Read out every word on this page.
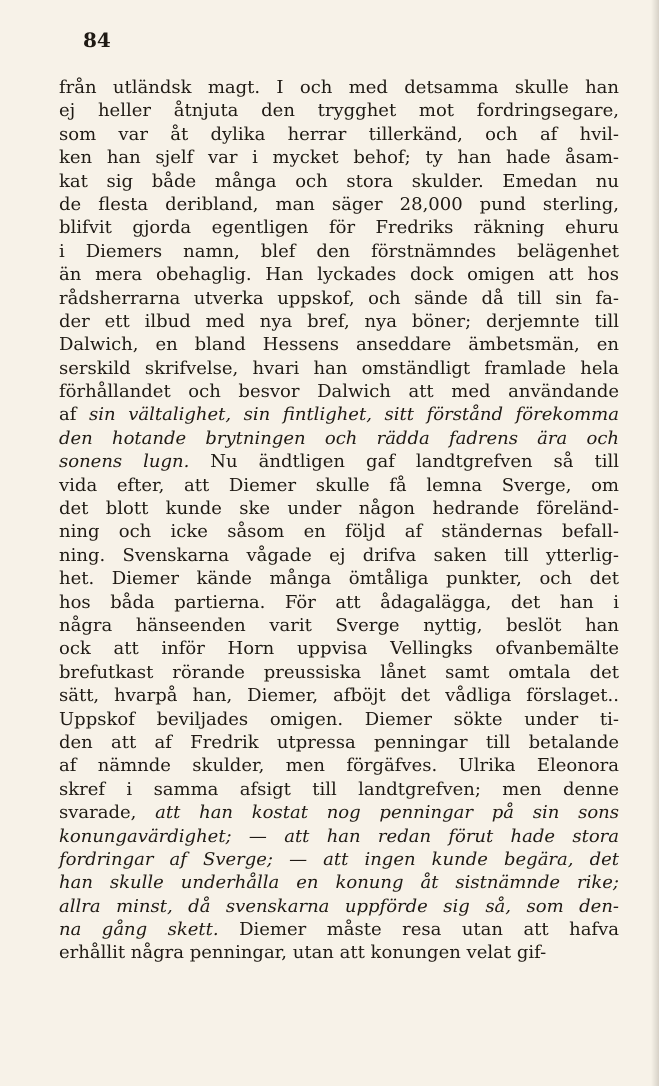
84
från utländsk magt. I och med detsamma skulle han
ej heller åtnjuta den trygghet mot fordringsegare,
som var åt dylika herrar tillerkänd, och af hvil-
ken han sjelf var i mycket behof; ty han hade åsam-
kat sig både många och stora skulder. Emedan nu
de flesta deribland, man säger 28,000 pund sterling,
blifvit gjorda egentligen för Fredriks räkning ehuru
i Diemers namn, blef den förstnämndes belägenhet
än mera obehaglig. Han lyckades dock omigen att hos
rådsherrarna utverka uppskof, och sände då till sin fa-
der ett ilbud med nya bref, nya böner; derjemnte till
Dalwich, en bland Hessens anseddare ämbetsmän, en
serskild skrifvelse, hvari han omständligt framlade hela
förhållandet och besvor Dalwich att med användande
af sin vältalighet, sin fintlighet, sitt förstånd förekomma
den hotande brytningen och rädda fadrens ära och
sonens lugn. Nu ändtligen gaf landtgrefven så till
vida efter, att Diemer skulle få lemna Sverge, om
det blott kunde ske under någon hedrande föreländ-
ning och icke såsom en följd af ständernas befall-
ning. Svenskarna vågade ej drifva saken till ytterlig-
het. Diemer kände många ömtåliga punkter, och det
hos båda partierna. För att ådagalägga, det han i
några hänseenden varit Sverge nyttig, beslöt han
ock att inför Horn uppvisa Vellingks ofvanbemälte
brefutkast rörande preussiska lånet samt omtala det
sätt, hvarpå han, Diemer, afböjt det vådliga förslaget..
Uppskof beviljades omigen. Diemer sökte under ti-
den att af Fredrik utpressa penningar till betalande
af nämnde skulder, men förgäfves. Ulrika Eleonora
skref i samma afsigt till landtgrefven; men denne
svarade, att han kostat nog penningar på sin sons
konungavärdighet; — att han redan förut hade stora
fordringar af Sverge; — att ingen kunde begära, det
han skulle underhålla en konung åt sistnämnde rike;
allra minst, då svenskarna uppförde sig så, som den-
na gång skett. Diemer måste resa utan att hafva
erhållit några penningar, utan att konungen velat gif-
